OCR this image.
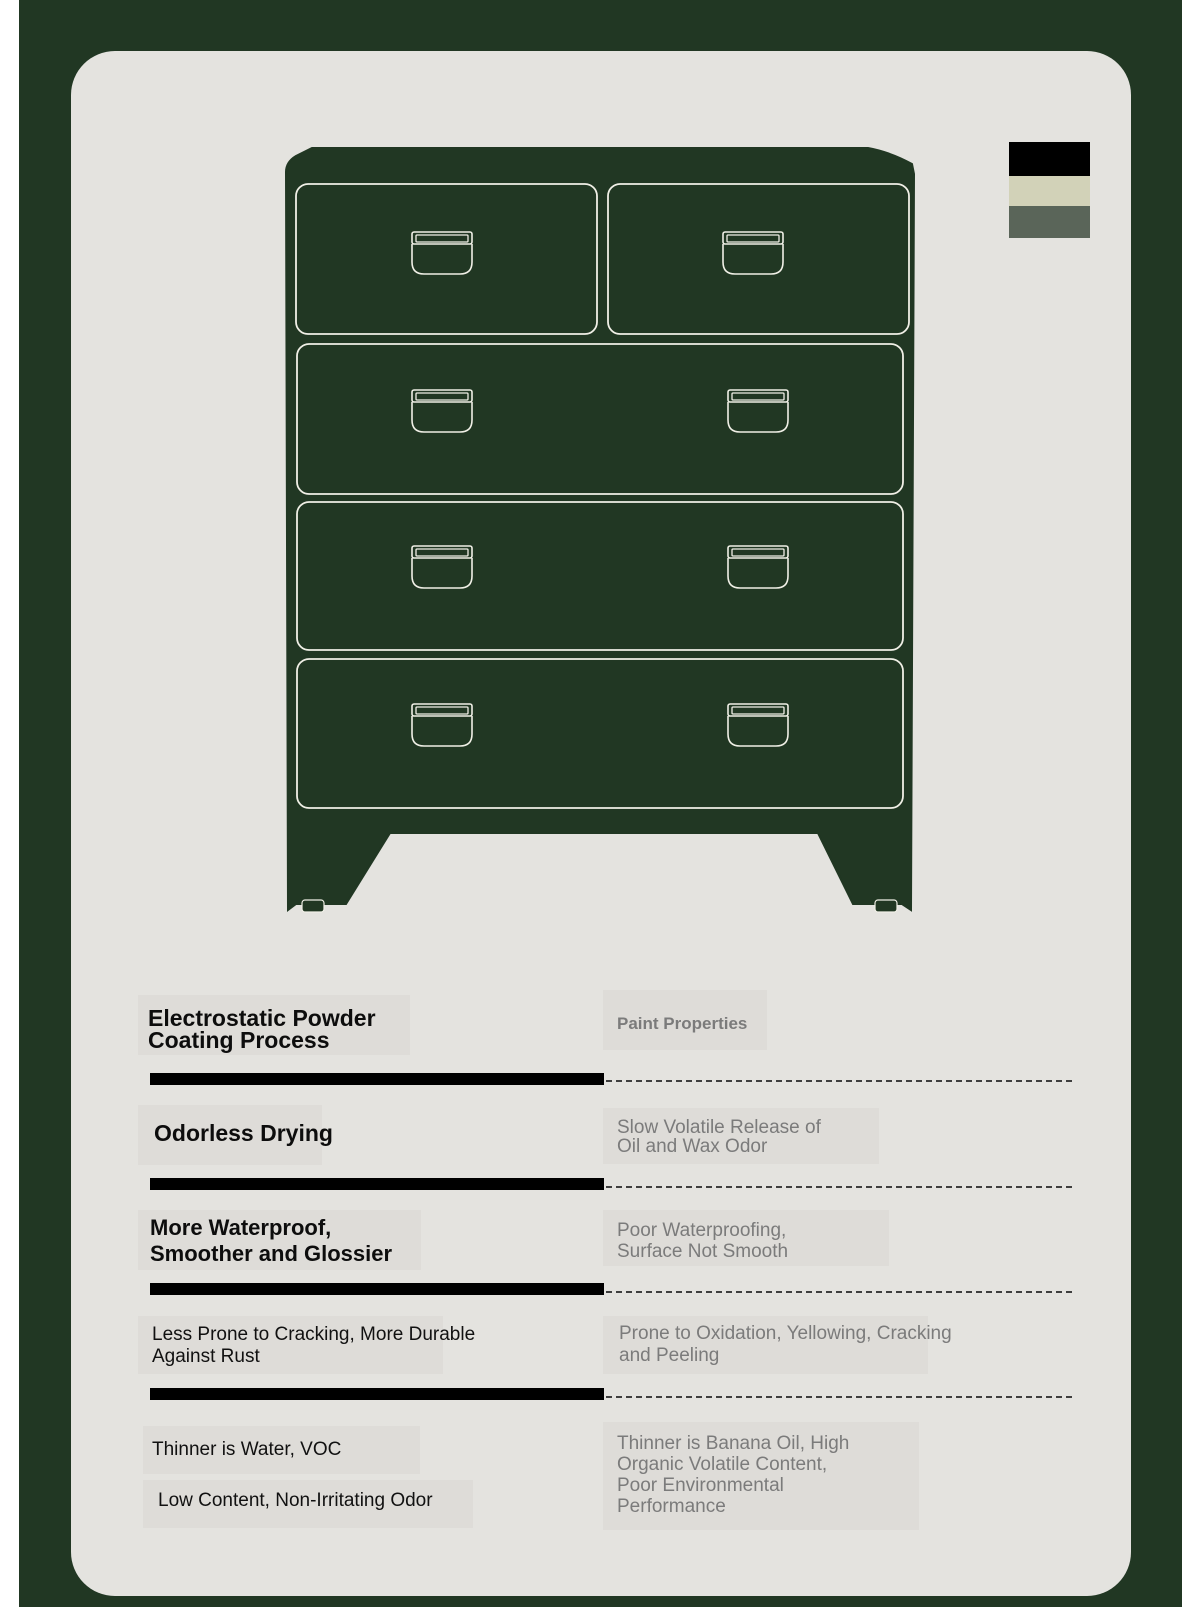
Electrostatic Powder
Coating Process
Paint Properties
Odorless Drying	Slow Volatile Release of
Oil and Wax Odor
More Waterproof,
Smoother and Glossier
Poor Waterproofing,
Surface Not Smooth
Less Prone to Cracking, More Durable
Against Rust
Prone to Oxidation, Yellowing, Cracking
and Peeling
Thinner is Water, VOC
Low Content, Non-Irritating Odor
Thinner is Banana Oil, High
Organic Volatile Content,
Poor Environmental
Performance
